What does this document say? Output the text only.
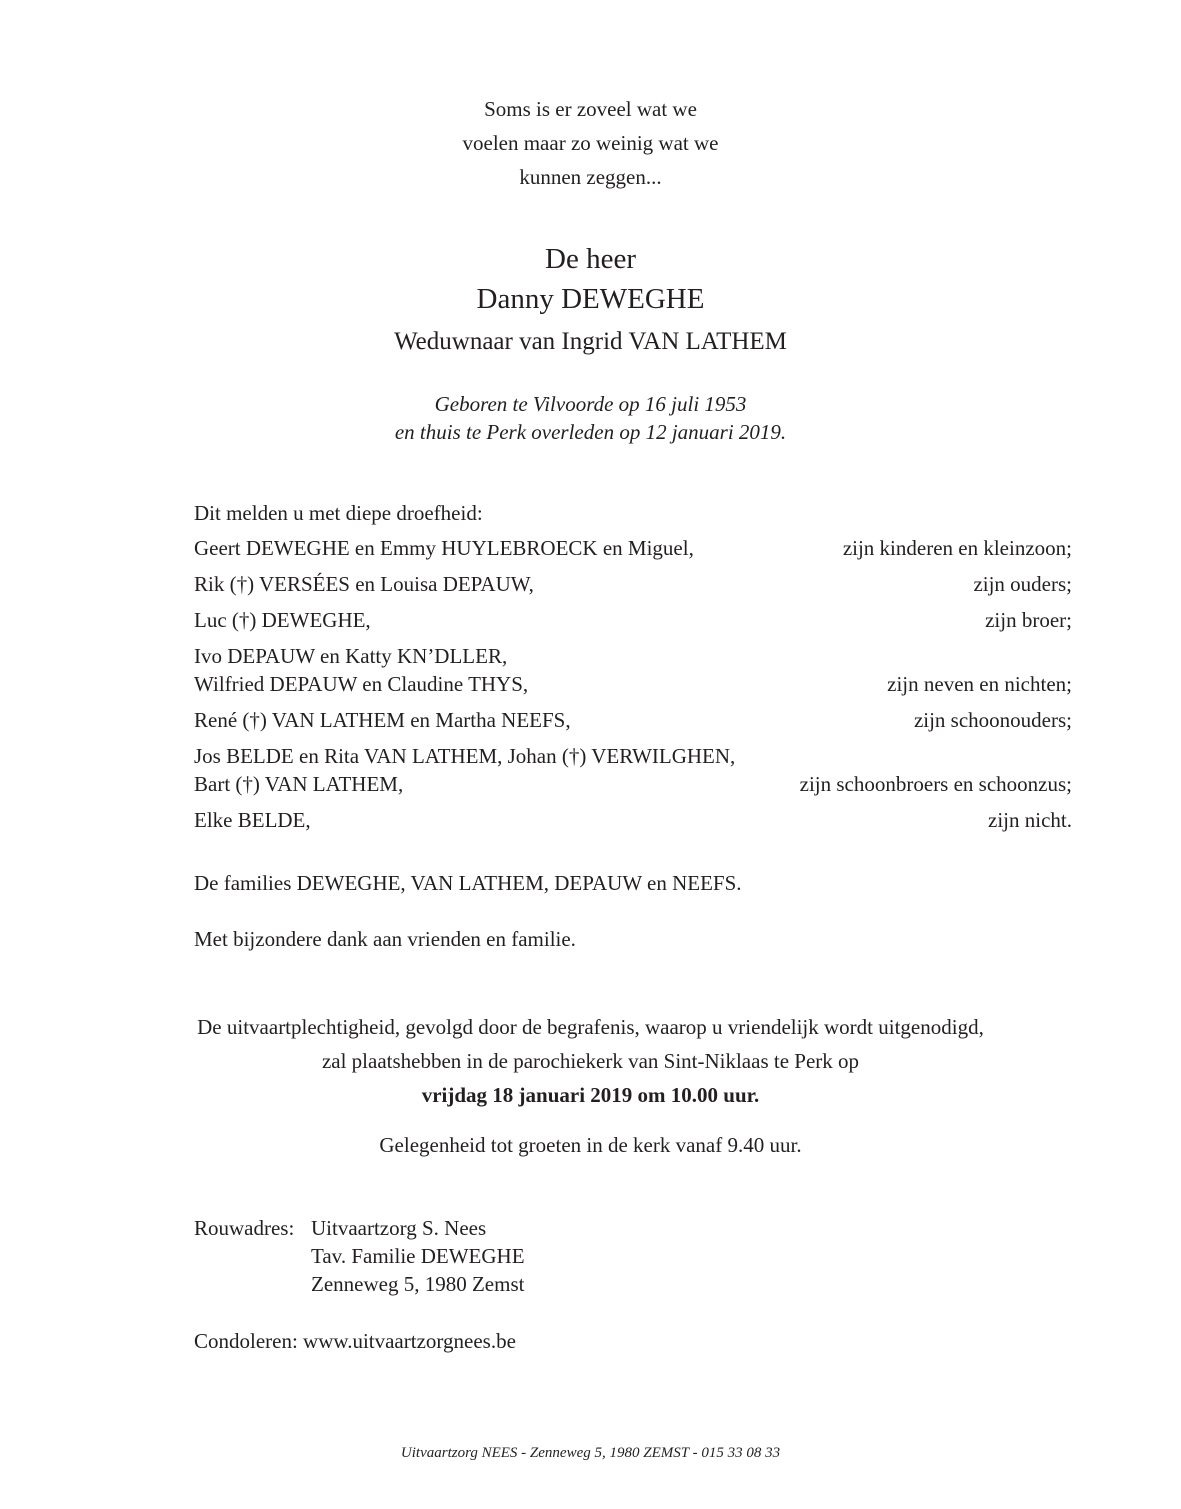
Soms is er zoveel wat we
voelen maar zo weinig wat we
kunnen zeggen...
De heer
Danny DEWEGHE
Weduwnaar van Ingrid VAN LATHEM
Geboren te Vilvoorde op 16 juli 1953
en thuis te Perk overleden op 12 januari 2019.
Dit melden u met diepe droefheid:
Geert DEWEGHE en Emmy HUYLEBROECK en Miguel,	zijn kinderen en kleinzoon;
Rik (†) VERSÉES en Louisa DEPAUW,	zijn ouders;
Luc (†) DEWEGHE,	zijn broer;
Ivo DEPAUW en Katty KN’DLLER,
Wilfried DEPAUW en Claudine THYS,	zijn neven en nichten;
René (†) VAN LATHEM en Martha NEEFS,	zijn schoonouders;
Jos BELDE en Rita VAN LATHEM, Johan (†) VERWILGHEN,
Bart (†) VAN LATHEM,	zijn schoonbroers en schoonzus;
Elke BELDE,	zijn nicht.
De families DEWEGHE, VAN LATHEM, DEPAUW en NEEFS.
Met bijzondere dank aan vrienden en familie.
De uitvaartplechtigheid, gevolgd door de begrafenis, waarop u vriendelijk wordt uitgenodigd,
zal plaatshebben in de parochiekerk van Sint-Niklaas te Perk op
vrijdag 18 januari 2019 om 10.00 uur.
Gelegenheid tot groeten in de kerk vanaf 9.40 uur.
Rouwadres: Uitvaartzorg S. Nees
Tav. Familie DEWEGHE
Zenneweg 5, 1980 Zemst
Condoleren: www.uitvaartzorgnees.be
Uitvaartzorg NEES - Zenneweg 5, 1980 ZEMST - 015 33 08 33
